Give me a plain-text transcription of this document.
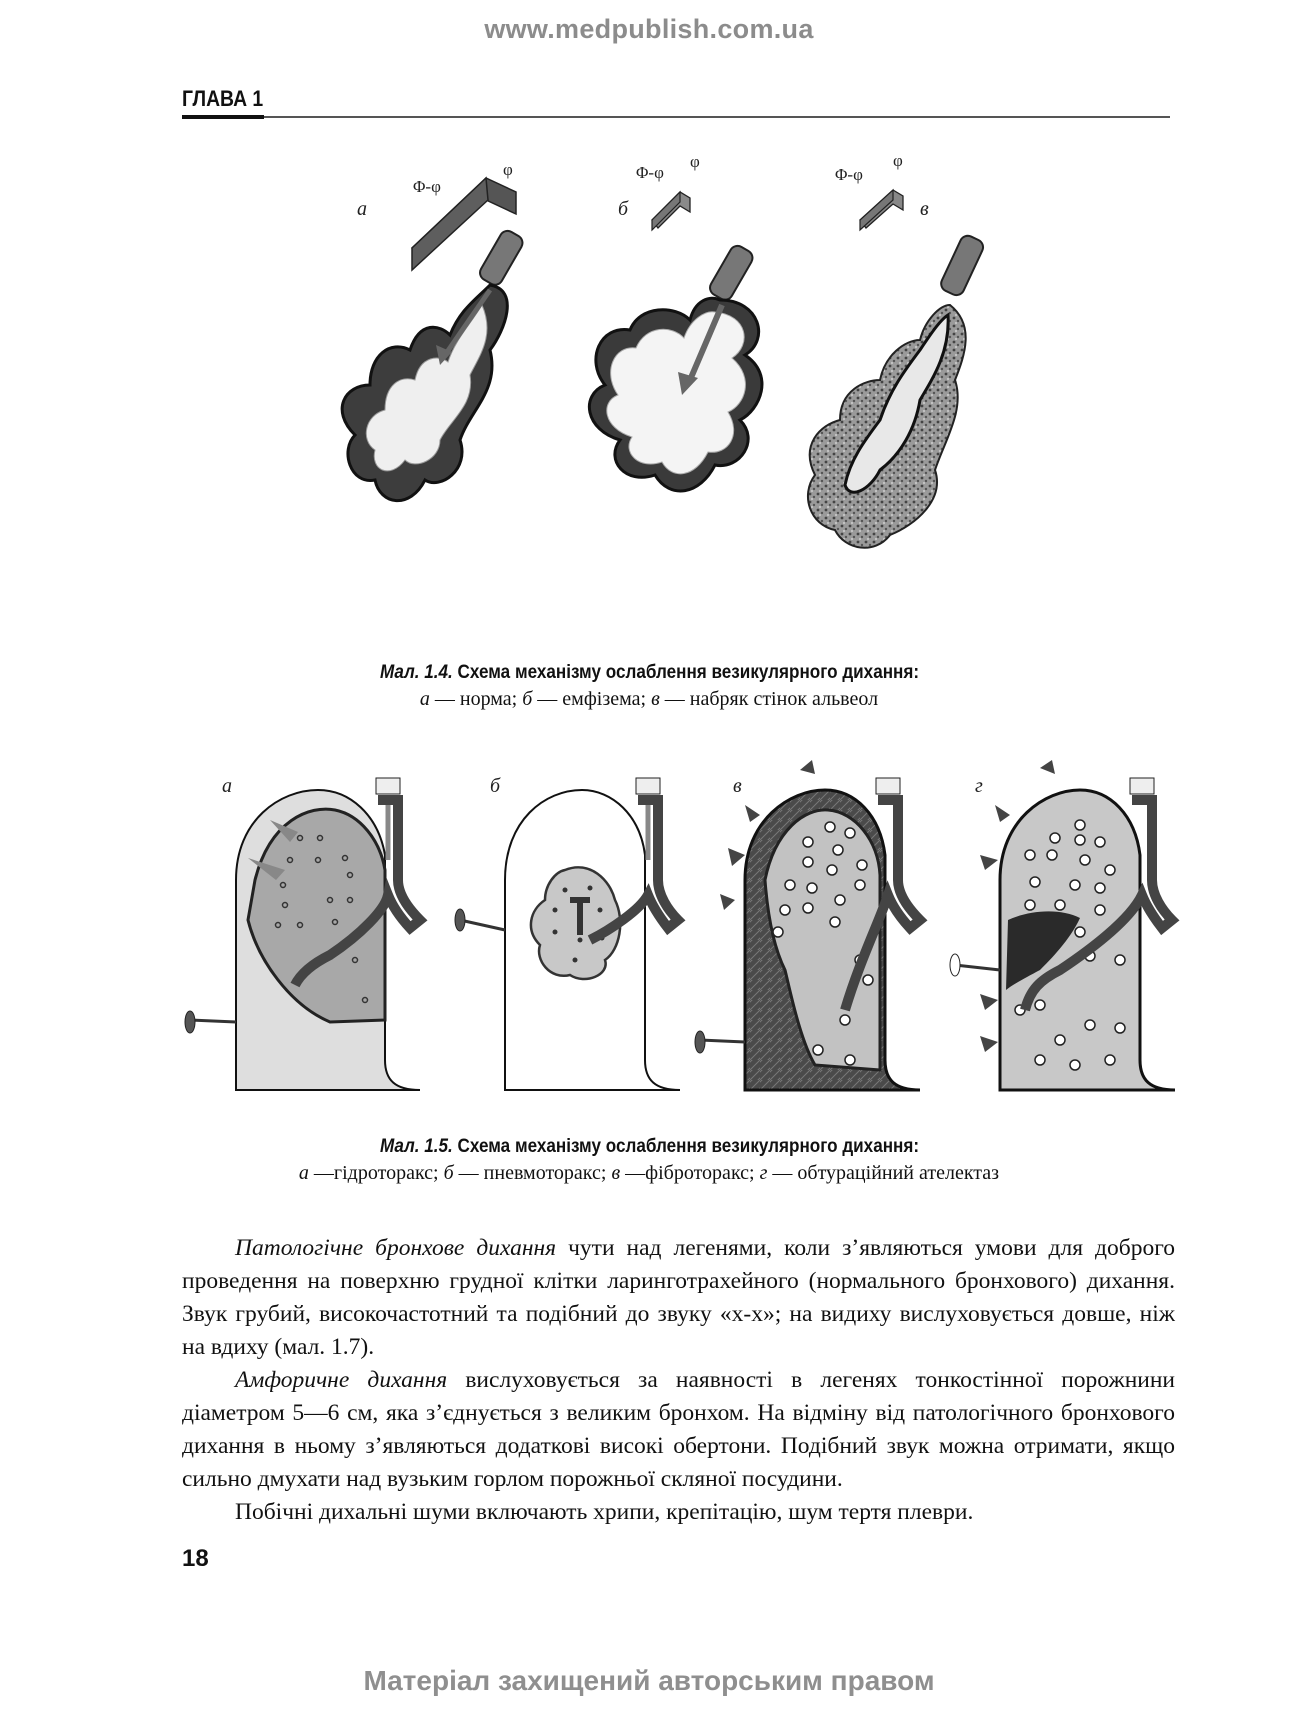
www.medpublish.com.ua
ГЛАВА 1
а
Φ-φ
φ
б
Φ-φ
φ
в
Φ-φ
φ
Мал. 1.4. Схема механізму ослаблення везикулярного дихання:
а — норма; б — емфізема; в — набряк стінок альвеол
а	б	в	г
Мал. 1.5. Схема механізму ослаблення везикулярного дихання:
а —гідроторакс; б — пневмоторакс; в —фіброторакс; г — обтураційний ателектаз

Патологічне бронхове дихання чути над легенями, коли з’являються умови для доброго проведення на поверхню грудної клітки ларинготрахейного (нормального бронхового) дихання. Звук грубий, високочастотний та подібний до звуку «х-х»; на видиху вислуховується довше, ніж на вдиху (мал. 1.7).

Амфоричне дихання вислуховується за наявності в легенях тонкостінної порожнини діаметром 5—6 см, яка з’єднується з великим бронхом. На відміну від патологічного бронхового дихання в ньому з’являються додаткові високі обертони. Подібний звук можна отримати, якщо сильно дмухати над вузьким горлом порожньої скляної посудини.

Побічні дихальні шуми включають хрипи, крепітацію, шум тертя плеври.

18
Матеріал захищений авторським правом
